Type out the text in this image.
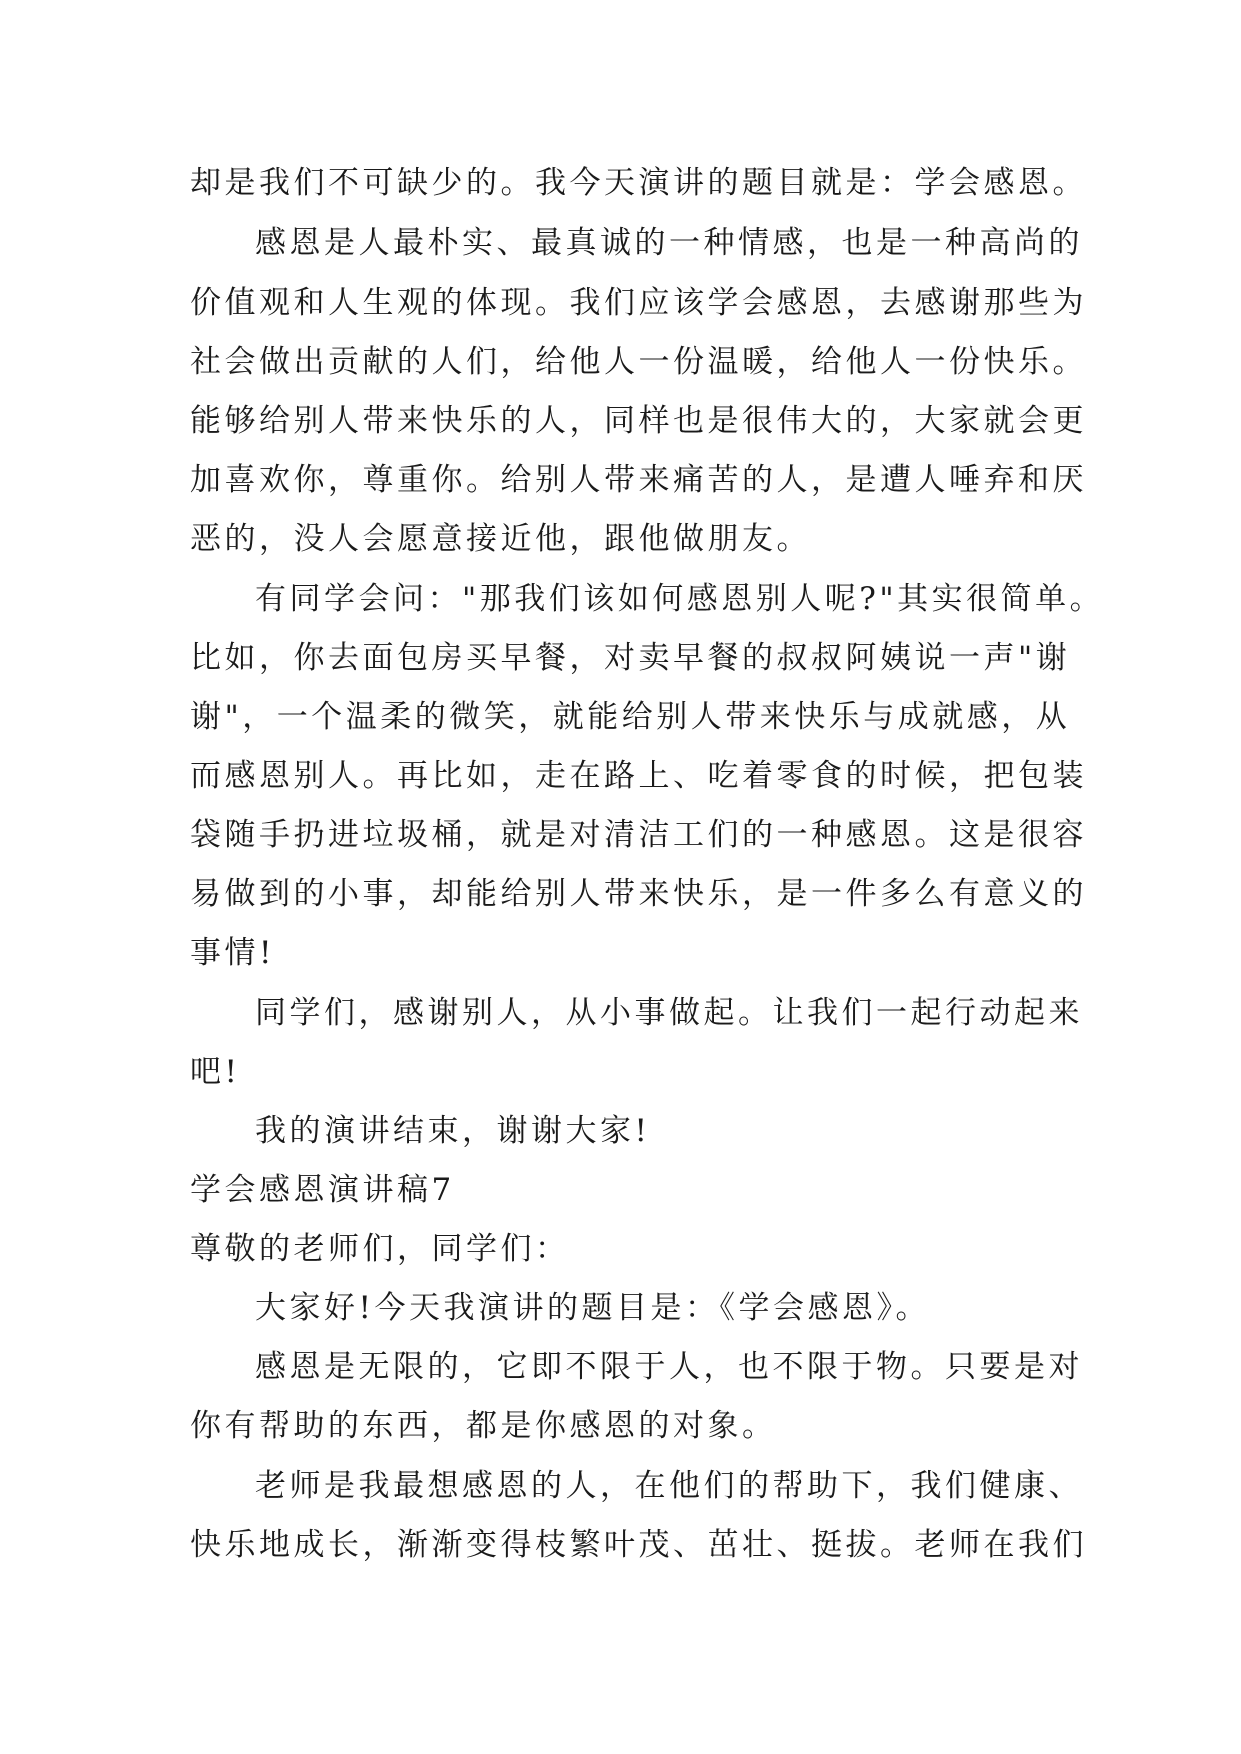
却是我们不可缺少的。我今天演讲的题目就是：学会感恩。
感恩是人最朴实、最真诚的一种情感，也是一种高尚的
价值观和人生观的体现。我们应该学会感恩，去感谢那些为
社会做出贡献的人们，给他人一份温暖，给他人一份快乐。
能够给别人带来快乐的人，同样也是很伟大的，大家就会更
加喜欢你，尊重你。给别人带来痛苦的人，是遭人唾弃和厌
恶的，没人会愿意接近他，跟他做朋友。
有同学会问："那我们该如何感恩别人呢?"其实很简单。
比如，你去面包房买早餐，对卖早餐的叔叔阿姨说一声"谢
谢"，一个温柔的微笑，就能给别人带来快乐与成就感，从
而感恩别人。再比如，走在路上、吃着零食的时候，把包装
袋随手扔进垃圾桶，就是对清洁工们的一种感恩。这是很容
易做到的小事，却能给别人带来快乐，是一件多么有意义的
事情!
同学们，感谢别人，从小事做起。让我们一起行动起来
吧!
我的演讲结束，谢谢大家!
学会感恩演讲稿7
尊敬的老师们，同学们：
大家好!今天我演讲的题目是：《学会感恩》。
感恩是无限的，它即不限于人，也不限于物。只要是对
你有帮助的东西，都是你感恩的对象。
老师是我最想感恩的人，在他们的帮助下，我们健康、
快乐地成长，渐渐变得枝繁叶茂、茁壮、挺拔。老师在我们
